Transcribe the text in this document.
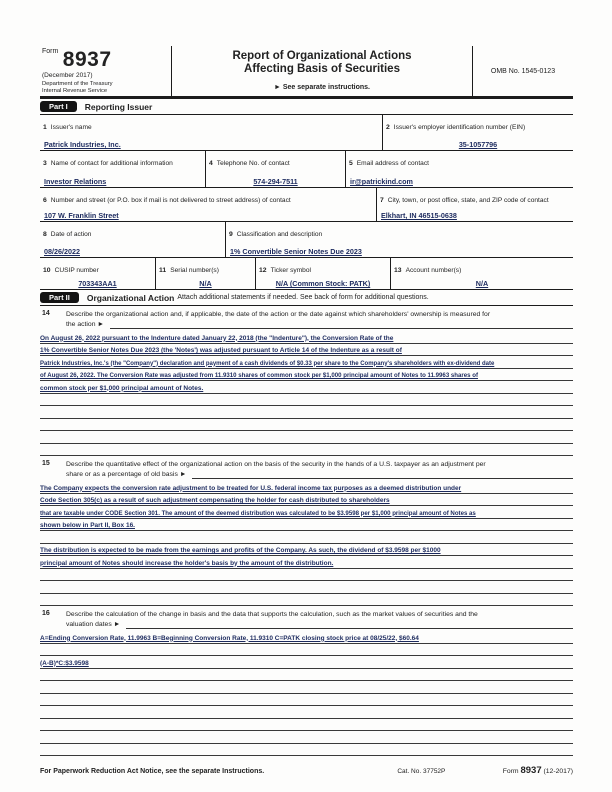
$^{Form}$ 8937
(December 2017)
Department of the Treasury
Internal Revenue Service
Report of Organizational Actions
Affecting Basis of Securities
► See separate instructions.
OMB No. 1545-0123
Part I	Reporting Issuer
1 Issuer's name
Patrick Industries, Inc.
2 Issuer's employer identification number (EIN)
35-1057796
3 Name of contact for additional information
Investor Relations
4 Telephone No. of contact
574-294-7511
5 Email address of contact
ir@patrickind.com
6 Number and street (or P.O. box if mail is not delivered to street address) of contact
107 W. Franklin Street
7 City, town, or post office, state, and ZIP code of contact
Elkhart, IN 46515-0638
8 Date of action
08/26/2022
9 Classification and description
1% Convertible Senior Notes Due 2023
10 CUSIP number
703343AA1
11 Serial number(s)
N/A
12 Ticker symbol
N/A (Common Stock: PATK)
13 Account number(s)
N/A
Part II	Organizational Action Attach additional statements if needed. See back of form for additional questions.
14	Describe the organizational action and, if applicable, the date of the action or the date against which shareholders' ownership is measured for
the action ►
On August 26, 2022 pursuant to the Indenture dated January 22, 2018 (the "Indenture"), the Conversion Rate of the
1% Convertible Senior Notes Due 2023 (the 'Notes') was adjusted pursuant to Article 14 of the Indenture as a result of
Patrick Industries, Inc.'s (the "Company") declaration and payment of a cash dividends of $0.33 per share to the Company's shareholders with ex-dividend date
of August 26, 2022. The Conversion Rate was adjusted from 11.9310 shares of common stock per $1,000 principal amount of Notes to 11.9963 shares of
common stock per $1,000 principal amount of Notes.
15	Describe the quantitative effect of the organizational action on the basis of the security in the hands of a U.S. taxpayer as an adjustment per
share or as a percentage of old basis ►
The Company expects the conversion rate adjustment to be treated for U.S. federal income tax purposes as a deemed distribution under
Code Section 305(c) as a result of such adjustment compensating the holder for cash distributed to shareholders
that are taxable under CODE Section 301. The amount of the deemed distribution was calculated to be $3.9598 per $1,000 principal amount of Notes as
shown below in Part II, Box 16.
The distribution is expected to be made from the earnings and profits of the Company. As such, the dividend of $3.9598 per $1000
principal amount of Notes should increase the holder's basis by the amount of the distribution.
16	Describe the calculation of the change in basis and the data that supports the calculation, such as the market values of securities and the
valuation dates ►
A=Ending Conversion Rate, 11.9963 B=Beginning Conversion Rate, 11.9310 C=PATK closing stock price at 08/25/22, $60.64
(A-B)*C:$3.9598
For Paperwork Reduction Act Notice, see the separate Instructions.	Cat. No. 37752P	Form 8937 (12-2017)
